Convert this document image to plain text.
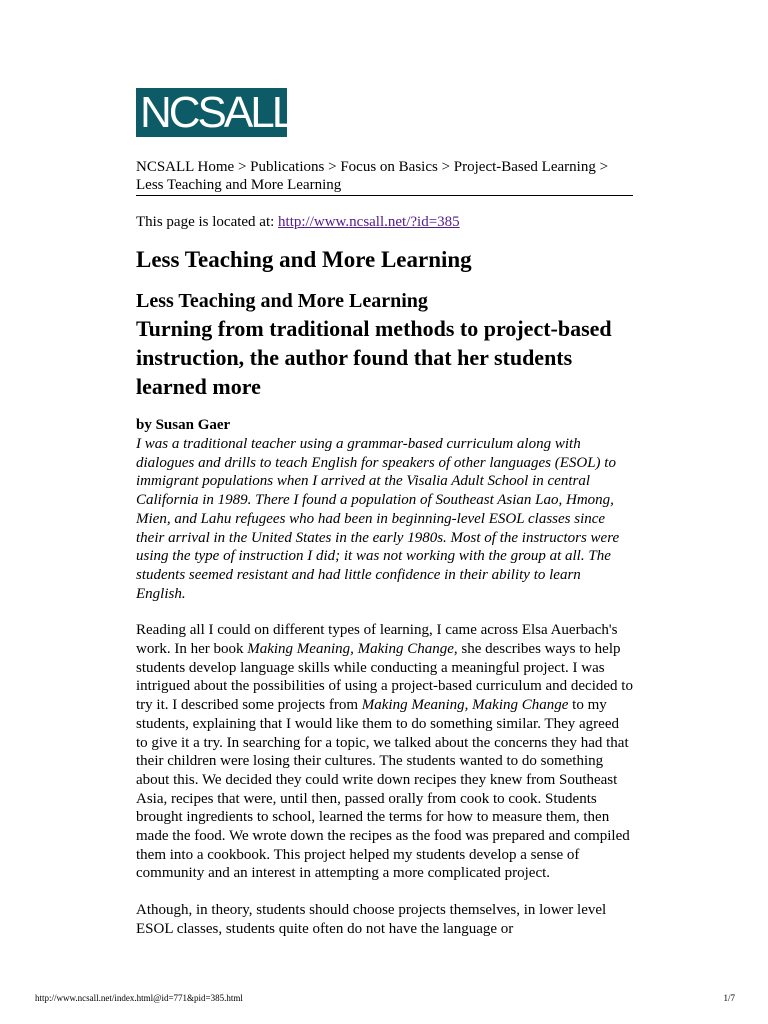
NCSALL
NCSALL Home > Publications > Focus on Basics > Project-Based Learning > Less Teaching and More Learning
This page is located at: http://www.ncsall.net/?id=385
Less Teaching and More Learning
Less Teaching and More Learning
Turning from traditional methods to project-based instruction, the author found that her students learned more
by Susan Gaer

I was a traditional teacher using a grammar-based curriculum along with dialogues and drills to teach English for speakers of other languages (ESOL) to immigrant populations when I arrived at the Visalia Adult School in central California in 1989. There I found a population of Southeast Asian Lao, Hmong, Mien, and Lahu refugees who had been in beginning-level ESOL classes since their arrival in the United States in the early 1980s. Most of the instructors were using the type of instruction I did; it was not working with the group at all. The students seemed resistant and had little confidence in their ability to learn English.

Reading all I could on different types of learning, I came across Elsa Auerbach's work. In her book Making Meaning, Making Change, she describes ways to help students develop language skills while conducting a meaningful project. I was intrigued about the possibilities of using a project-based curriculum and decided to try it. I described some projects from Making Meaning, Making Change to my students, explaining that I would like them to do something similar. They agreed to give it a try. In searching for a topic, we talked about the concerns they had that their children were losing their cultures. The students wanted to do something about this. We decided they could write down recipes they knew from Southeast Asia, recipes that were, until then, passed orally from cook to cook. Students brought ingredients to school, learned the terms for how to measure them, then made the food. We wrote down the recipes as the food was prepared and compiled them into a cookbook. This project helped my students develop a sense of community and an interest in attempting a more complicated project.

Athough, in theory, students should choose projects themselves, in lower level ESOL classes, students quite often do not have the language or

http://www.ncsall.net/index.html@id=771&pid=385.html	1/7
